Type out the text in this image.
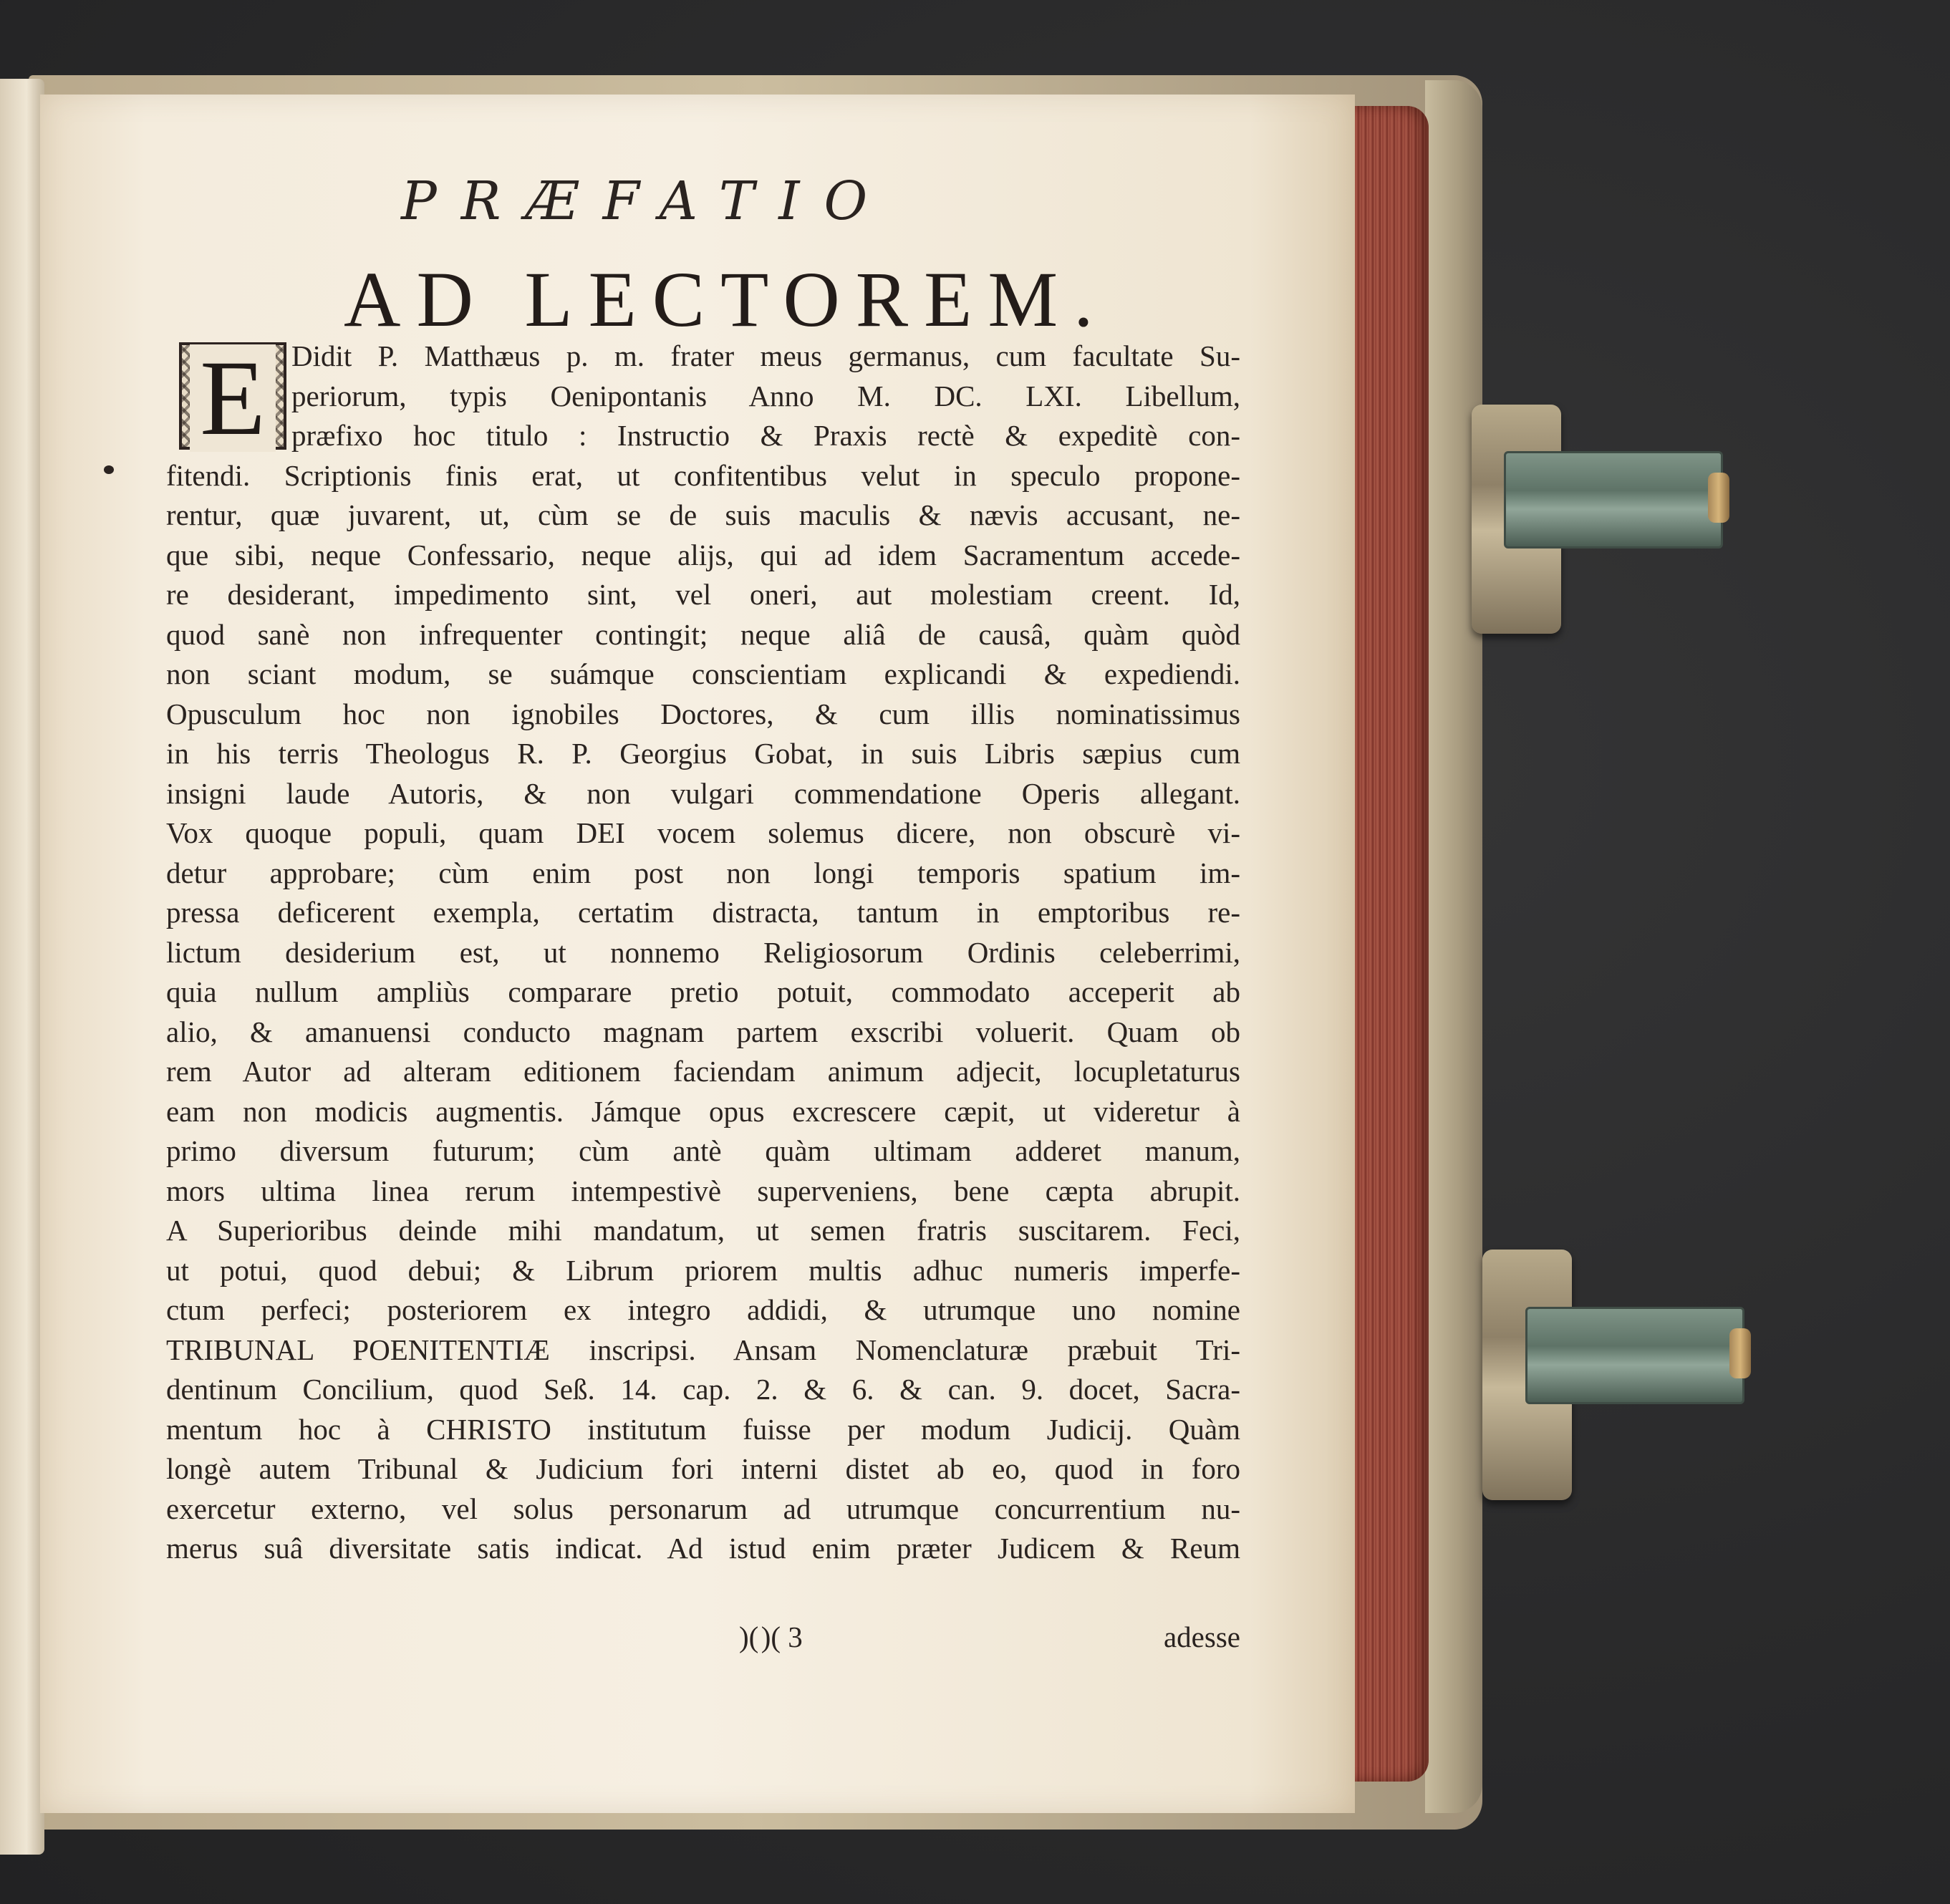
PRÆFATIO
AD LECTOREM.
E Didit P. Matthæus p. m. frater meus germanus, cum facultate Su-
periorum, typis Oenipontanis Anno M. DC. LXI. Libellum,
præfixo hoc titulo : Instructio & Praxis rectè & expeditè con-
fitendi. Scriptionis finis erat, ut confitentibus velut in speculo propone-
rentur, quæ juvarent, ut, cùm se de suis maculis & nævis accusant, ne-
que sibi, neque Confessario, neque alijs, qui ad idem Sacramentum accede-
re desiderant, impedimento sint, vel oneri, aut molestiam creent. Id,
quod sanè non infrequenter contingit; neque aliâ de causâ, quàm quòd
non sciant modum, se suámque conscientiam explicandi & expediendi.
Opusculum hoc non ignobiles Doctores, & cum illis nominatissimus
in his terris Theologus R. P. Georgius Gobat, in suis Libris sæpius cum
insigni laude Autoris, & non vulgari commendatione Operis allegant.
Vox quoque populi, quam DEI vocem solemus dicere, non obscurè vi-
detur approbare; cùm enim post non longi temporis spatium im-
pressa deficerent exempla, certatim distracta, tantum in emptoribus re-
lictum desiderium est, ut nonnemo Religiosorum Ordinis celeberrimi,
quia nullum ampliùs comparare pretio potuit, commodato acceperit ab
alio, & amanuensi conducto magnam partem exscribi voluerit. Quam ob
rem Autor ad alteram editionem faciendam animum adjecit, locupletaturus
eam non modicis augmentis. Jámque opus excrescere cæpit, ut videretur à
primo diversum futurum; cùm antè quàm ultimam adderet manum,
mors ultima linea rerum intempestivè superveniens, bene cæpta abrupit.
A Superioribus deinde mihi mandatum, ut semen fratris suscitarem. Feci,
ut potui, quod debui; & Librum priorem multis adhuc numeris imperfe-
ctum perfeci; posteriorem ex integro addidi, & utrumque uno nomine
TRIBUNAL POENITENTIÆ inscripsi. Ansam Nomenclaturæ præbuit Tri-
dentinum Concilium, quod Seß. 14. cap. 2. & 6. & can. 9. docet, Sacra-
mentum hoc à CHRISTO institutum fuisse per modum Judicij. Quàm
longè autem Tribunal & Judicium fori interni distet ab eo, quod in foro
exercetur externo, vel solus personarum ad utrumque concurrentium nu-
merus suâ diversitate satis indicat. Ad istud enim præter Judicem & Reum
)( )( 3	adesse
